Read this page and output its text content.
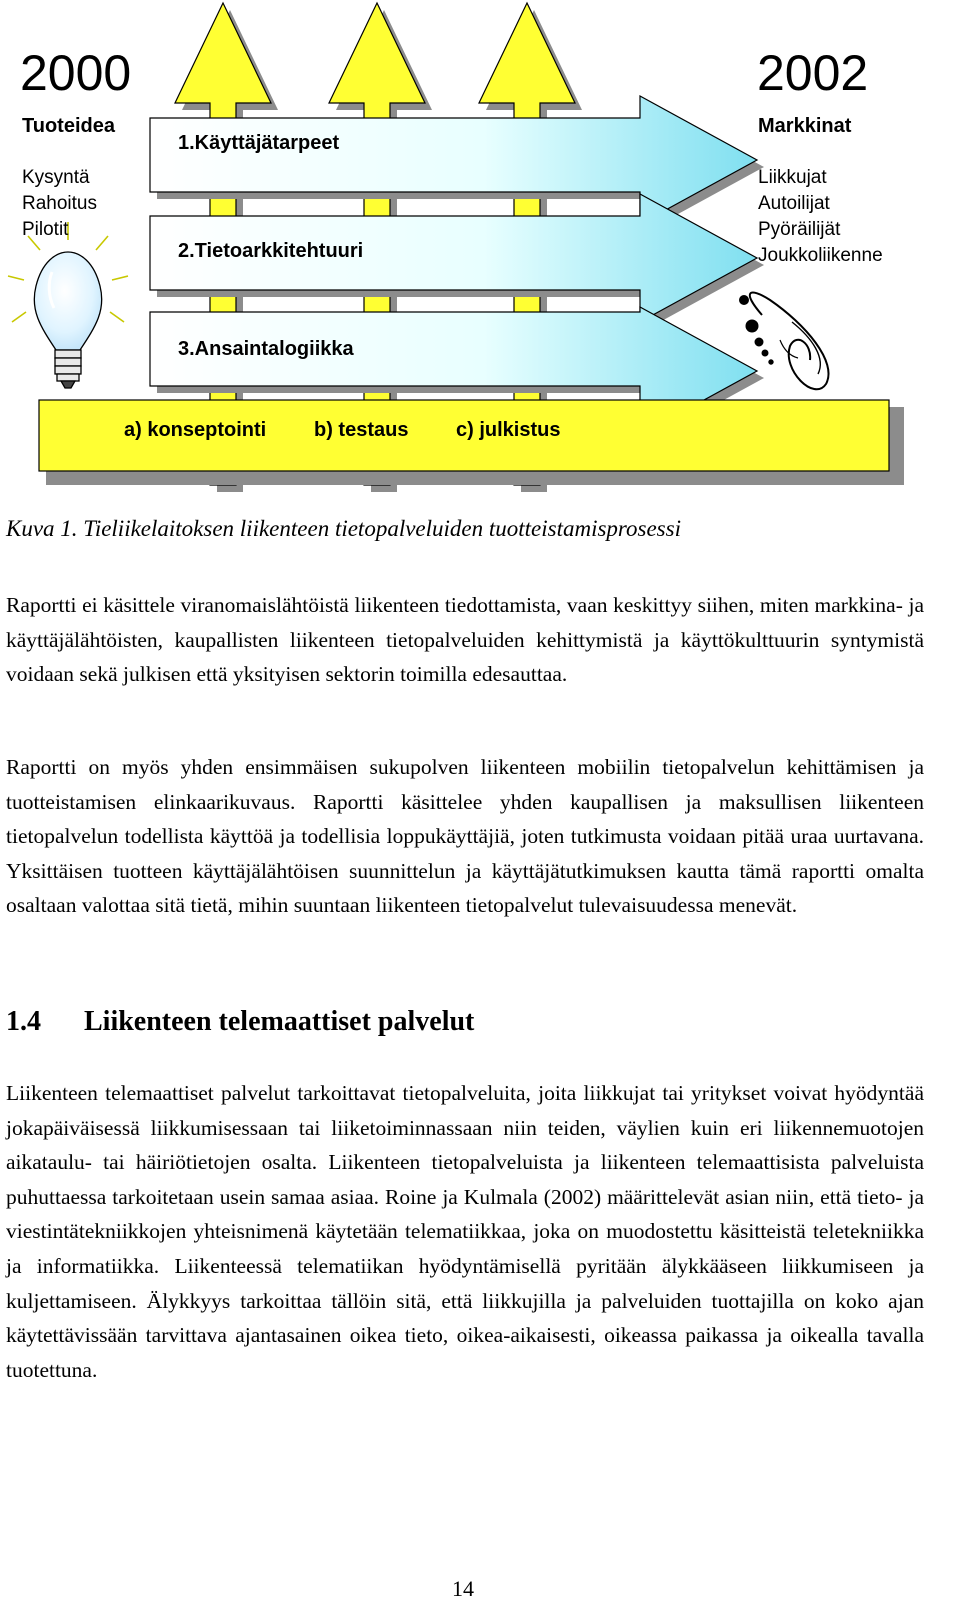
2000	2002
Tuoteidea
Kysyntä
Rahoitus
Pilotit
Markkinat
Liikkujat
Autoilijat
Pyöräilijät
Joukkoliikenne
1.Käyttäjätarpeet
2.Tietoarkkitehtuuri
3.Ansaintalogiikka
a) konseptointi b) testaus c) julkistus
Kuva 1. Tieliikelaitoksen liikenteen tietopalveluiden tuotteistamisprosessi

Raportti ei käsittele viranomaislähtöistä liikenteen tiedottamista, vaan keskittyy siihen, miten markkina- ja käyttäjälähtöisten, kaupallisten liikenteen tietopalveluiden kehittymistä ja käyttökulttuurin syntymistä voidaan sekä julkisen että yksityisen sektorin toimilla edesauttaa.

Raportti on myös yhden ensimmäisen sukupolven liikenteen mobiilin tietopalvelun kehittämisen ja tuotteistamisen elinkaarikuvaus. Raportti käsittelee yhden kaupallisen ja maksullisen liikenteen tietopalvelun todellista käyttöä ja todellisia loppukäyttäjiä, joten tutkimusta voidaan pitää uraa uurtavana. Yksittäisen tuotteen käyttäjälähtöisen suunnittelun ja käyttäjätutkimuksen kautta tämä raportti omalta osaltaan valottaa sitä tietä, mihin suuntaan liikenteen tietopalvelut tulevaisuudessa menevät.

1.4 Liikenteen telemaattiset palvelut

Liikenteen telemaattiset palvelut tarkoittavat tietopalveluita, joita liikkujat tai yritykset voivat hyödyntää jokapäiväisessä liikkumisessaan tai liiketoiminnassaan niin teiden, väylien kuin eri liikennemuotojen aikataulu- tai häiriötietojen osalta. Liikenteen tietopalveluista ja liikenteen telemaattisista palveluista puhuttaessa tarkoitetaan usein samaa asiaa. Roine ja Kulmala (2002) määrittelevät asian niin, että tieto- ja viestintätekniikkojen yhteisnimenä käytetään telematiikkaa, joka on muodostettu käsitteistä teletekniikka ja informatiikka. Liikenteessä telematiikan hyödyntämisellä pyritään älykkääseen liikkumiseen ja kuljettamiseen. Älykkyys tarkoittaa tällöin sitä, että liikkujilla ja palveluiden tuottajilla on koko ajan käytettävissään tarvittava ajantasainen oikea tieto, oikea-aikaisesti, oikeassa paikassa ja oikealla tavalla tuotettuna.

14
